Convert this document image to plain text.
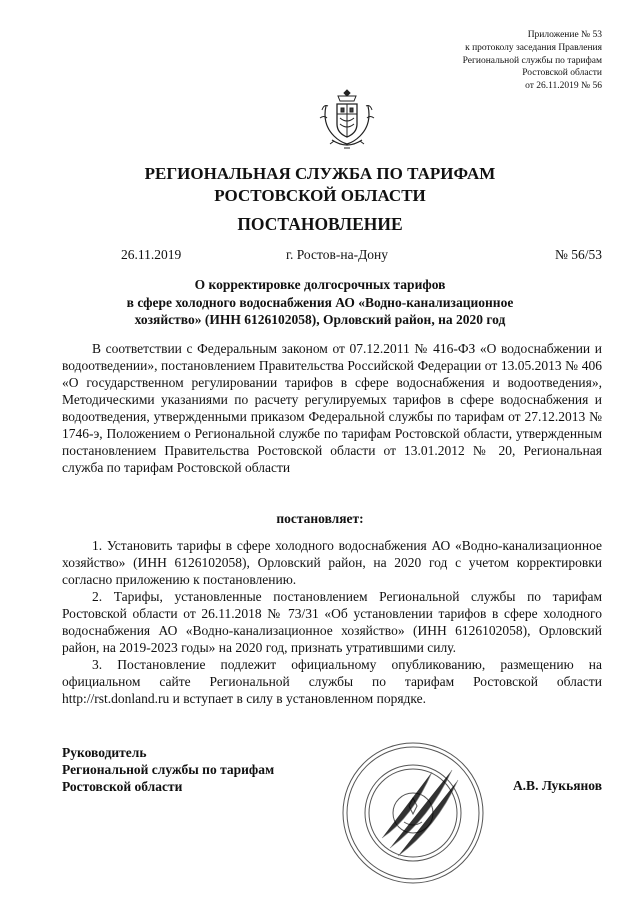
Приложение № 53
к протоколу заседания Правления
Региональной службы по тарифам
Ростовской области
от 26.11.2019 № 56
РЕГИОНАЛЬНАЯ СЛУЖБА ПО ТАРИФАМ
РОСТОВСКОЙ ОБЛАСТИ
ПОСТАНОВЛЕНИЕ
26.11.2019	г. Ростов-на-Дону	№ 56/53
О корректировке долгосрочных тарифов
в сфере холодного водоснабжения АО «Водно-канализационное
хозяйство» (ИНН 6126102058), Орловский район, на 2020 год

В соответствии с Федеральным законом от 07.12.2011 № 416-ФЗ «О водоснабжении и водоотведении», постановлением Правительства Российской Федерации от 13.05.2013 № 406 «О государственном регулировании тарифов в сфере водоснабжения и водоотведения», Методическими указаниями по расчету регулируемых тарифов в сфере водоснабжения и водоотведения, утвержденными приказом Федеральной службы по тарифам от 27.12.2013 № 1746-э, Положением о Региональной службе по тарифам Ростовской области, утвержденным постановлением Правительства Ростовской области от 13.01.2012 № 20, Региональная служба по тарифам Ростовской области

постановляет:

1. Установить тарифы в сфере холодного водоснабжения АО «Водно-канализационное хозяйство» (ИНН 6126102058), Орловский район, на 2020 год с учетом корректировки согласно приложению к постановлению.

2. Тарифы, установленные постановлением Региональной службы по тарифам Ростовской области от 26.11.2018 № 73/31 «Об установлении тарифов в сфере холодного водоснабжения АО «Водно-канализационное хозяйство» (ИНН 6126102058), Орловский район, на 2019-2023 годы» на 2020 год, признать утратившими силу.

3. Постановление подлежит официальному опубликованию, размещению на официальном сайте Региональной службы по тарифам Ростовской области http://rst.donland.ru и вступает в силу в установленном порядке.

Руководитель
Региональной службы по тарифам
Ростовской области	А.В. Лукьянов
